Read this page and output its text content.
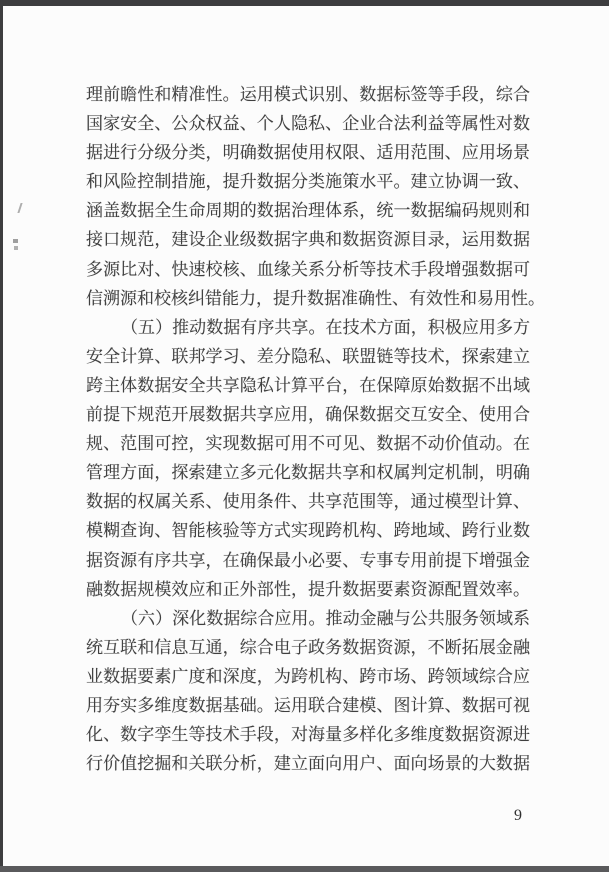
理前瞻性和精准性。运用模式识别、数据标签等手段，综合
国家安全、公众权益、个人隐私、企业合法利益等属性对数
据进行分级分类，明确数据使用权限、适用范围、应用场景
和风险控制措施，提升数据分类施策水平。建立协调一致、
涵盖数据全生命周期的数据治理体系，统一数据编码规则和
接口规范，建设企业级数据字典和数据资源目录，运用数据
多源比对、快速校核、血缘关系分析等技术手段增强数据可
信溯源和校核纠错能力，提升数据准确性、有效性和易用性。
（五）推动数据有序共享。在技术方面，积极应用多方
安全计算、联邦学习、差分隐私、联盟链等技术，探索建立
跨主体数据安全共享隐私计算平台，在保障原始数据不出域
前提下规范开展数据共享应用，确保数据交互安全、使用合
规、范围可控，实现数据可用不可见、数据不动价值动。在
管理方面，探索建立多元化数据共享和权属判定机制，明确
数据的权属关系、使用条件、共享范围等，通过模型计算、
模糊查询、智能核验等方式实现跨机构、跨地域、跨行业数
据资源有序共享，在确保最小必要、专事专用前提下增强金
融数据规模效应和正外部性，提升数据要素资源配置效率。
（六）深化数据综合应用。推动金融与公共服务领域系
统互联和信息互通，综合电子政务数据资源，不断拓展金融
业数据要素广度和深度，为跨机构、跨市场、跨领域综合应
用夯实多维度数据基础。运用联合建模、图计算、数据可视
化、数字孪生等技术手段，对海量多样化多维度数据资源进
行价值挖掘和关联分析，建立面向用户、面向场景的大数据
9
